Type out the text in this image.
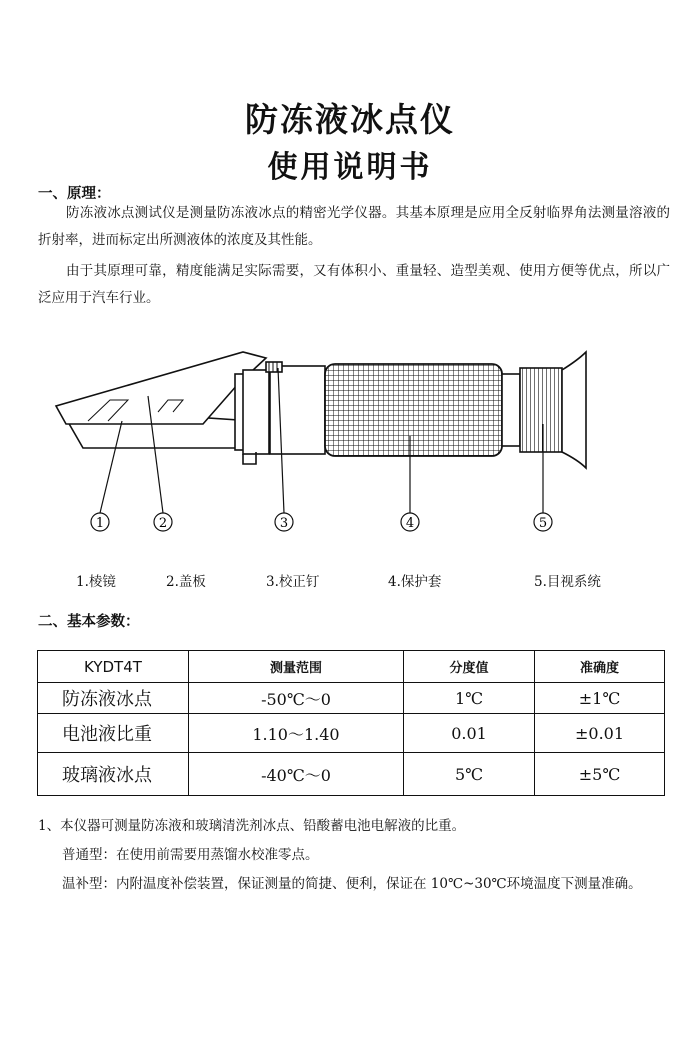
防冻液冰点仪
使用说明书
一、原理：
防冻液冰点测试仪是测量防冻液冰点的精密光学仪器。其基本原理是应用全反射临界角法测量溶液的折射率，进而标定出所测液体的浓度及其性能。
由于其原理可靠，精度能满足实际需要，又有体积小、重量轻、造型美观、使用方便等优点，所以广泛应用于汽车行业。
1	2	3	4	5
1.棱镜	2.盖板	3.校正钉	4.保护套	5.目视系统
二、基本参数：
KYDT4T	测量范围	分度值	准确度
防冻液冰点	-50℃～0	1℃	±1℃
电池液比重	1.10～1.40	0.01	±0.01
玻璃液冰点	-40℃～0	5℃	±5℃
1、本仪器可测量防冻液和玻璃清洗剂冰点、铅酸蓄电池电解液的比重。
普通型：在使用前需要用蒸馏水校准零点。
温补型：内附温度补偿装置，保证测量的简捷、便利，保证在 10℃~30℃环境温度下测量准确。
